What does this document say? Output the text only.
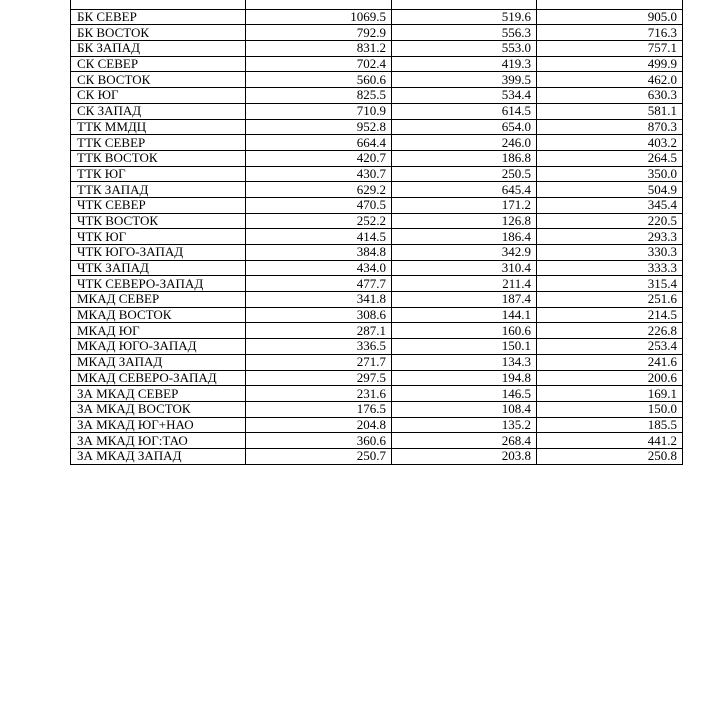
БК СЕВЕР	1069.5	519.6	905.0
БК ВОСТОК	792.9	556.3	716.3
БК ЗАПАД	831.2	553.0	757.1
СК СЕВЕР	702.4	419.3	499.9
СК ВОСТОК	560.6	399.5	462.0
СК ЮГ	825.5	534.4	630.3
СК ЗАПАД	710.9	614.5	581.1
ТТК ММДЦ	952.8	654.0	870.3
ТТК СЕВЕР	664.4	246.0	403.2
ТТК ВОСТОК	420.7	186.8	264.5
ТТК ЮГ	430.7	250.5	350.0
ТТК ЗАПАД	629.2	645.4	504.9
ЧТК СЕВЕР	470.5	171.2	345.4
ЧТК ВОСТОК	252.2	126.8	220.5
ЧТК ЮГ	414.5	186.4	293.3
ЧТК ЮГО-ЗАПАД	384.8	342.9	330.3
ЧТК ЗАПАД	434.0	310.4	333.3
ЧТК СЕВЕРО-ЗАПАД	477.7	211.4	315.4
МКАД СЕВЕР	341.8	187.4	251.6
МКАД ВОСТОК	308.6	144.1	214.5
МКАД ЮГ	287.1	160.6	226.8
МКАД ЮГО-ЗАПАД	336.5	150.1	253.4
МКАД ЗАПАД	271.7	134.3	241.6
МКАД СЕВЕРО-ЗАПАД	297.5	194.8	200.6
ЗА МКАД СЕВЕР	231.6	146.5	169.1
ЗА МКАД ВОСТОК	176.5	108.4	150.0
ЗА МКАД ЮГ+НАО	204.8	135.2	185.5
ЗА МКАД ЮГ:ТАО	360.6	268.4	441.2
ЗА МКАД ЗАПАД	250.7	203.8	250.8
